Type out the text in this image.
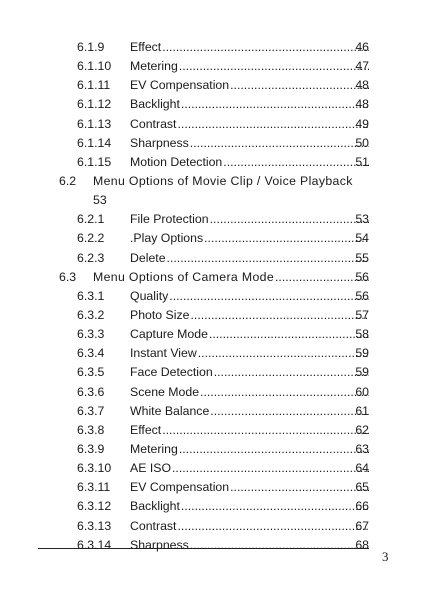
6.1.9 Effect .....	46
6.1.10 Metering .....	47
6.1.11 EV Compensation .....	48
6.1.12 Backlight .....	48
6.1.13 Contrast .....	49
6.1.14 Sharpness .....	50
6.1.15 Motion Detection .....	51
6.2 Menu Options of Movie Clip / Voice Playback
53
6.2.1 File Protection .....	53
6.2.2 .Play Options .....	54
6.2.3 Delete .....	55
6.3 Menu Options of Camera Mode .....	56
6.3.1 Quality .....	56
6.3.2 Photo Size .....	57
6.3.3 Capture Mode .....	58
6.3.4 Instant View .....	59
6.3.5 Face Detection .....	59
6.3.6 Scene Mode .....	60
6.3.7 White Balance .....	61
6.3.8 Effect .....	62
6.3.9 Metering .....	63
6.3.10 AE ISO .....	64
6.3.11 EV Compensation .....	65
6.3.12 Backlight .....	66
6.3.13 Contrast .....	67
6.3.14 Sharpness .....	68
3
